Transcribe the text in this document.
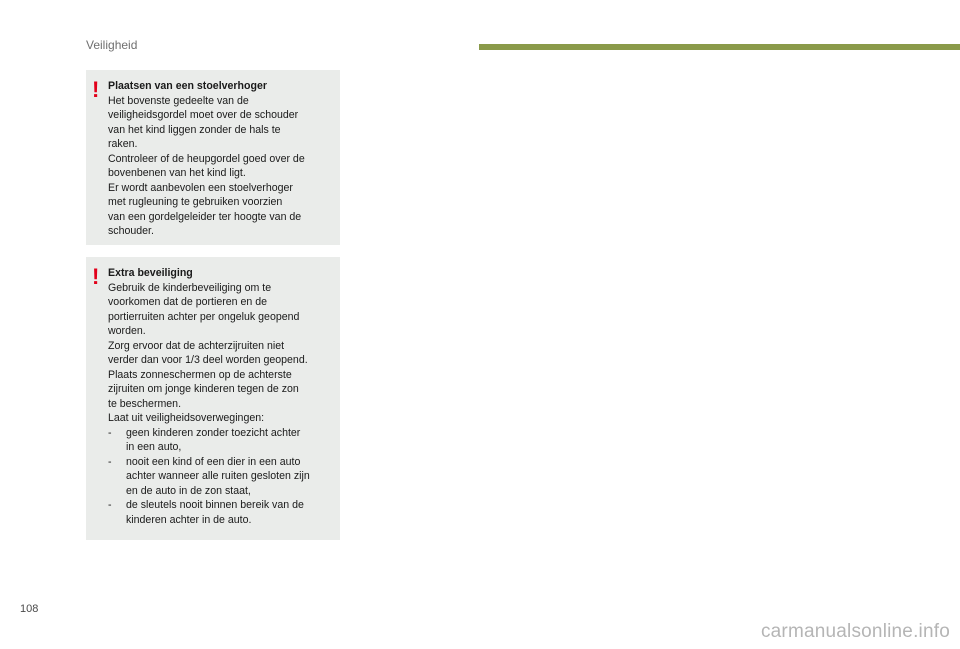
Veiligheid
! Plaatsen van een stoelverhoger
Het bovenste gedeelte van de
veiligheidsgordel moet over de schouder
van het kind liggen zonder de hals te
raken.
Controleer of de heupgordel goed over de
bovenbenen van het kind ligt.
Er wordt aanbevolen een stoelverhoger
met rugleuning te gebruiken voorzien
van een gordelgeleider ter hoogte van de
schouder.
! Extra beveiliging
Gebruik de kinderbeveiliging om te
voorkomen dat de portieren en de
portierruiten achter per ongeluk geopend
worden.
Zorg ervoor dat de achterzijruiten niet
verder dan voor 1/3 deel worden geopend.
Plaats zonneschermen op de achterste
zijruiten om jonge kinderen tegen de zon
te beschermen.
Laat uit veiligheidsoverwegingen:
- geen kinderen zonder toezicht achter
in een auto,
- nooit een kind of een dier in een auto
achter wanneer alle ruiten gesloten zijn
en de auto in de zon staat,
- de sleutels nooit binnen bereik van de
kinderen achter in de auto.
108
carmanualsonline.info
